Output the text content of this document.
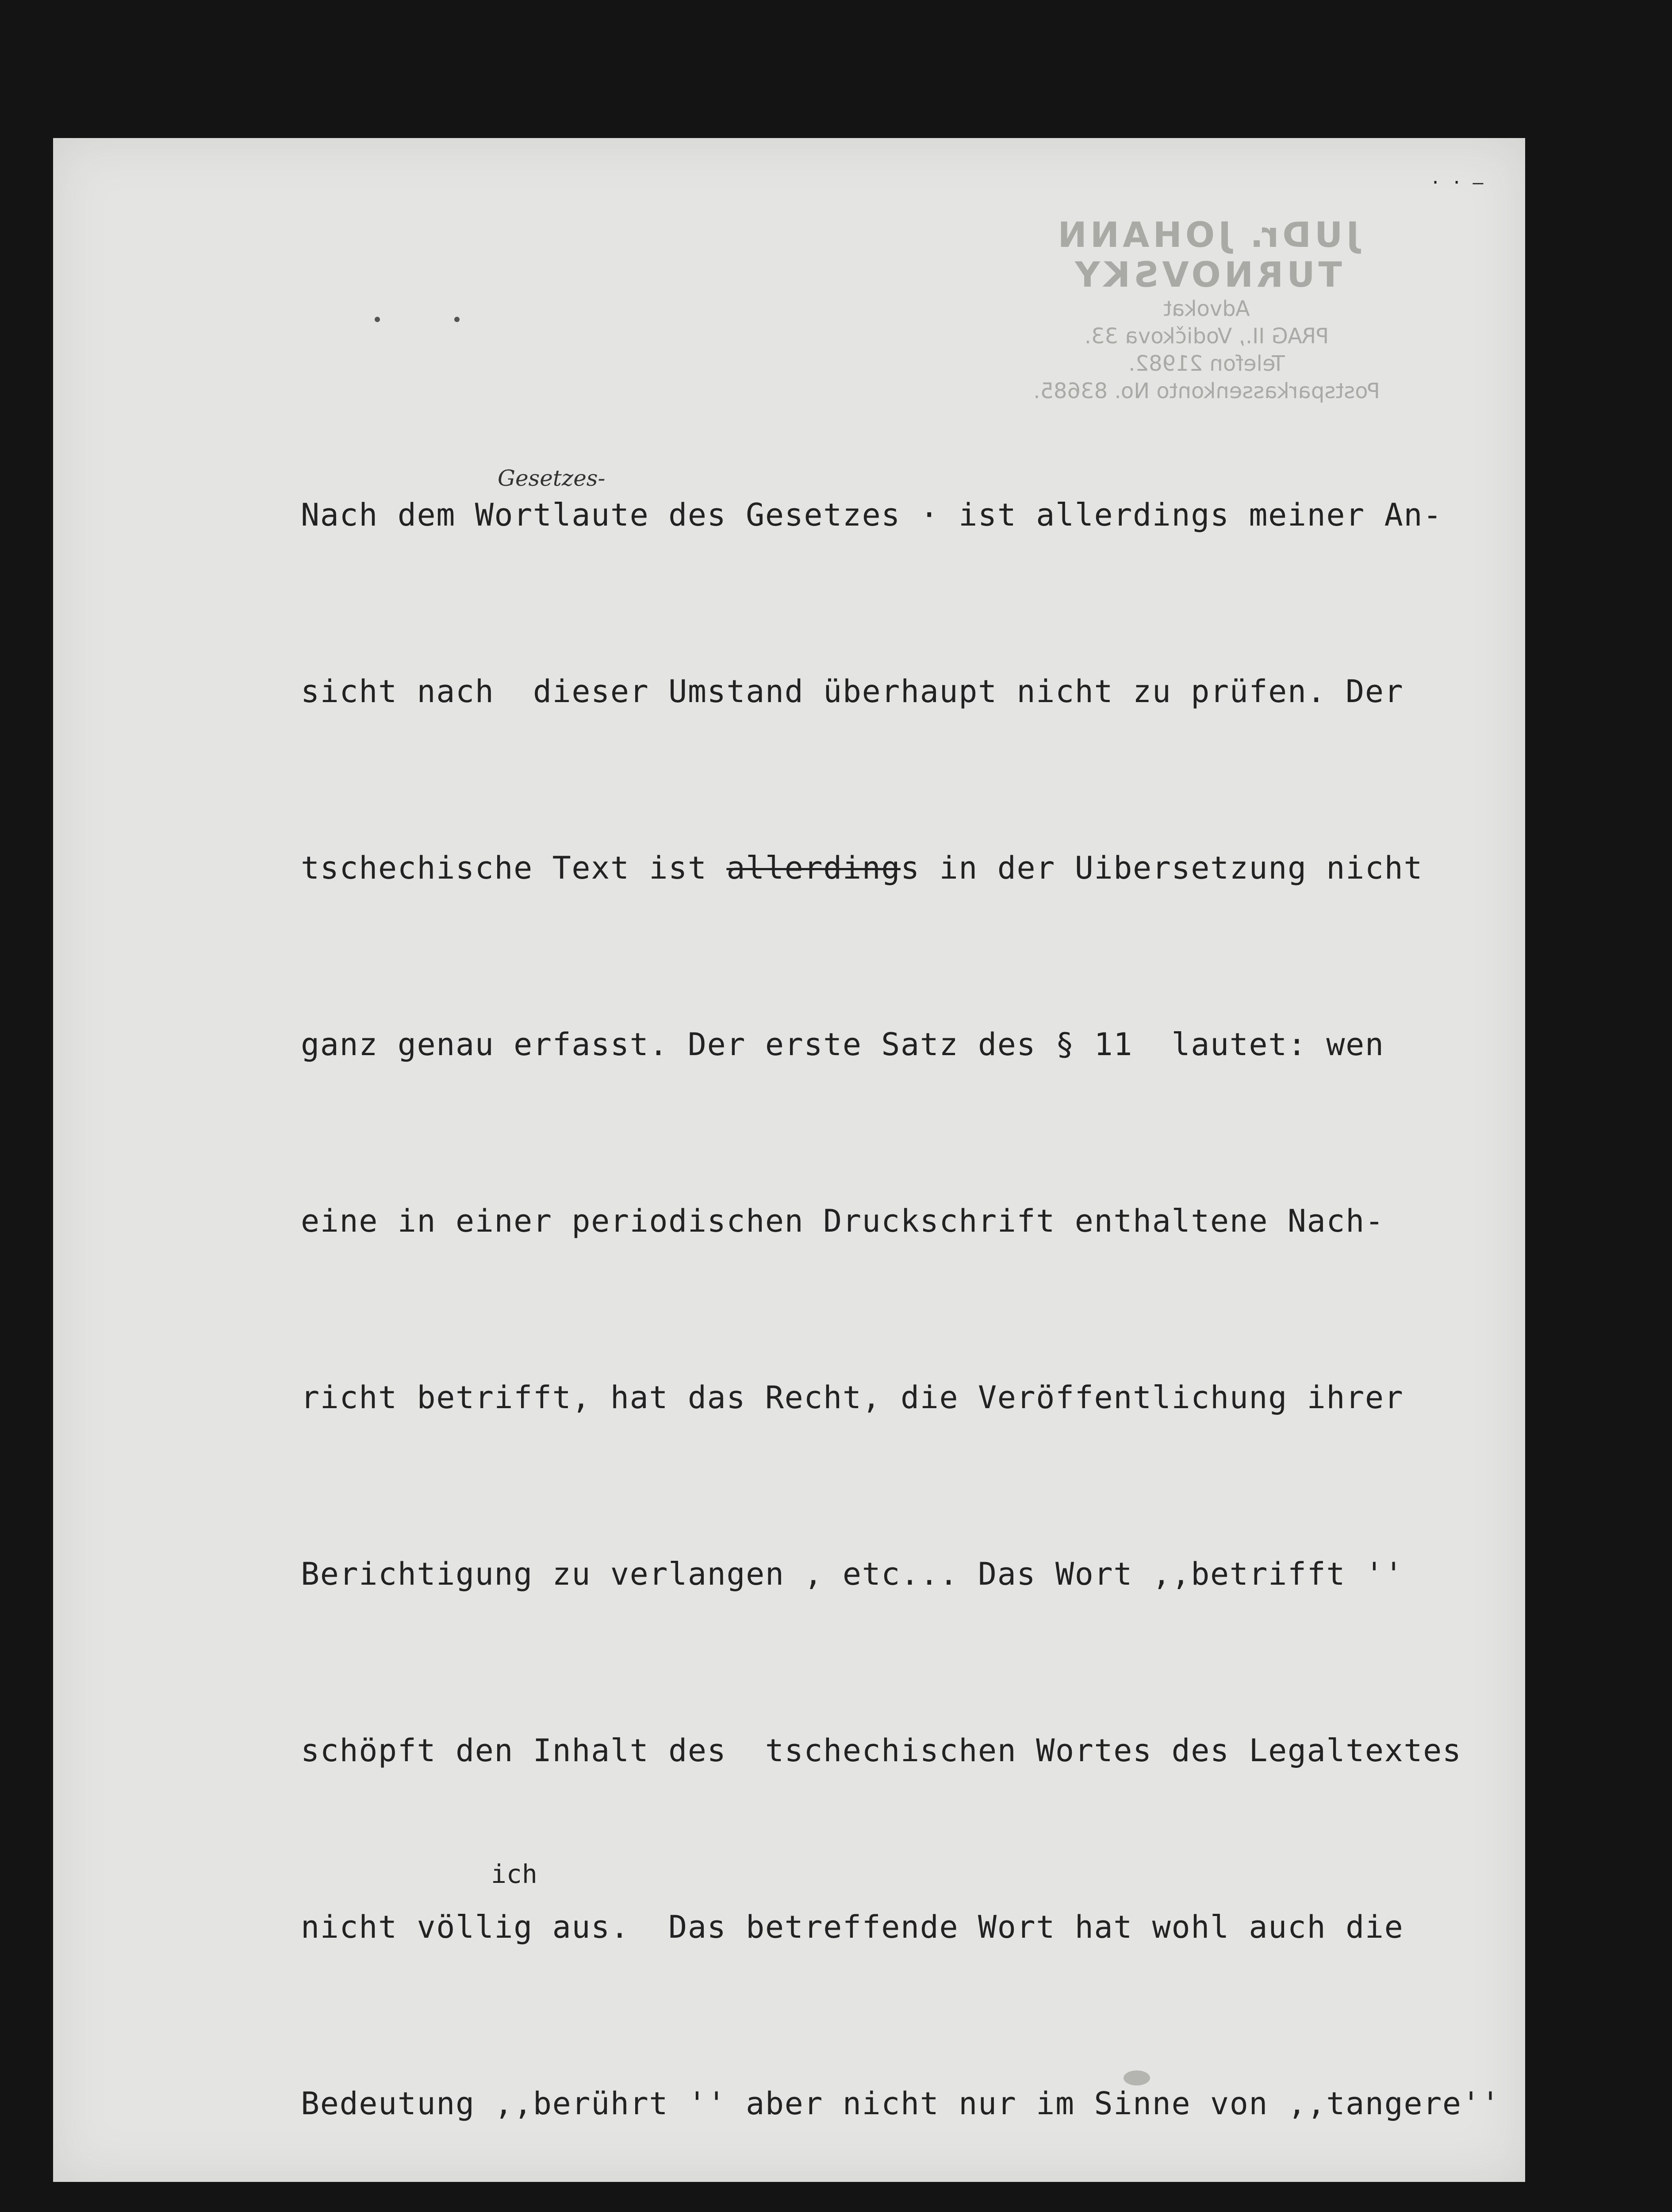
· · ‒
JUDr. JOHANN TURNOVSKY
Advokat
PRAG II., Vodičkova 33.
Telefon 21982.
Postsparkassenkonto No. 83685.
Gesetzes-
ich

Nach dem Wortlaute des Gesetzes · ist allerdings meiner An-

sicht nach  dieser Umstand überhaupt nicht zu prüfen. Der

tschechische Text ist allerdings in der Uibersetzung nicht

ganz genau erfasst. Der erste Satz des § 11  lautet: wen

eine in einer periodischen Druckschrift enthaltene Nach-

richt betrifft, hat das Recht, die Veröffentlichung ihrer

Berichtigung zu verlangen , etc... Das Wort ,,betrifft ''

schöpft den Inhalt des  tschechischen Wortes des Legaltextes

nicht völlig aus.  Das betreffende Wort hat wohl auch die

Bedeutung ,,berührt '' aber nicht nur im Sinne von ,,tangere''
